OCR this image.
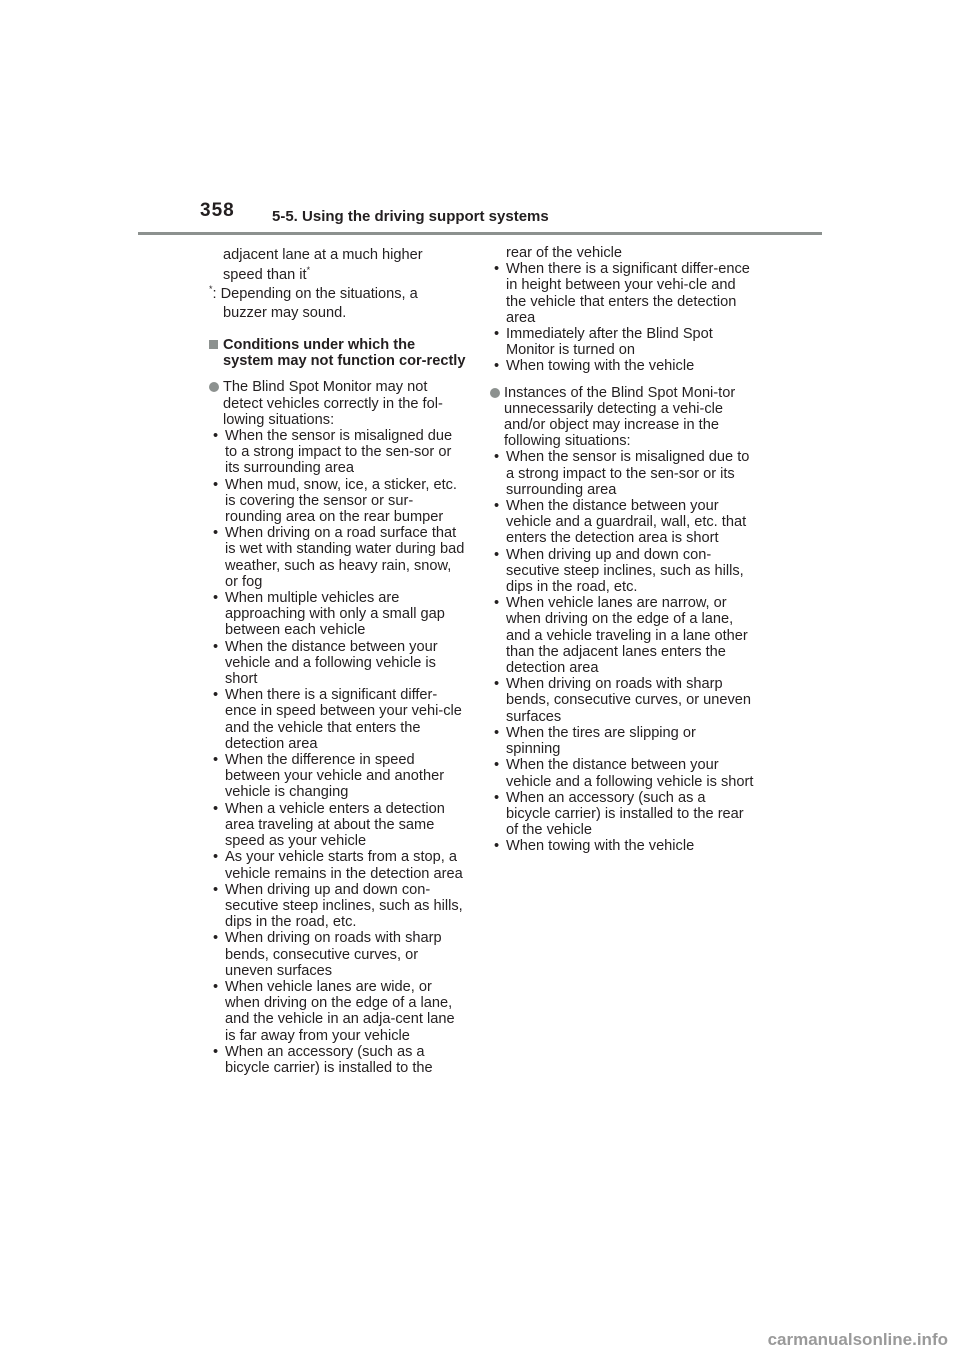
358 5-5. Using the driving support systems
adjacent lane at a much higher
speed than it*
*: Depending on the situations, a
buzzer may sound.
Conditions under which the system may not function cor-rectly
The Blind Spot Monitor may not detect vehicles correctly in the fol-lowing situations:
• When the sensor is misaligned due to a strong impact to the sen-sor or its surrounding area
• When mud, snow, ice, a sticker, etc. is covering the sensor or sur-rounding area on the rear bumper
• When driving on a road surface that is wet with standing water during bad weather, such as heavy rain, snow, or fog
• When multiple vehicles are approaching with only a small gap between each vehicle
• When the distance between your vehicle and a following vehicle is short
• When there is a significant differ-ence in speed between your vehi-cle and the vehicle that enters the detection area
• When the difference in speed between your vehicle and another vehicle is changing
• When a vehicle enters a detection area traveling at about the same speed as your vehicle
• As your vehicle starts from a stop, a vehicle remains in the detection area
• When driving up and down con-secutive steep inclines, such as hills, dips in the road, etc.
• When driving on roads with sharp bends, consecutive curves, or uneven surfaces
• When vehicle lanes are wide, or when driving on the edge of a lane, and the vehicle in an adja-cent lane is far away from your vehicle
• When an accessory (such as a bicycle carrier) is installed to the
rear of the vehicle
• When there is a significant differ-ence in height between your vehi-cle and the vehicle that enters the detection area
• Immediately after the Blind Spot Monitor is turned on
• When towing with the vehicle
Instances of the Blind Spot Moni-tor unnecessarily detecting a vehi-cle and/or object may increase in the following situations:
• When the sensor is misaligned due to a strong impact to the sen-sor or its surrounding area
• When the distance between your vehicle and a guardrail, wall, etc. that enters the detection area is short
• When driving up and down con-secutive steep inclines, such as hills, dips in the road, etc.
• When vehicle lanes are narrow, or when driving on the edge of a lane, and a vehicle traveling in a lane other than the adjacent lanes enters the detection area
• When driving on roads with sharp bends, consecutive curves, or uneven surfaces
• When the tires are slipping or spinning
• When the distance between your vehicle and a following vehicle is short
• When an accessory (such as a bicycle carrier) is installed to the rear of the vehicle
• When towing with the vehicle
carmanualsonline.info
